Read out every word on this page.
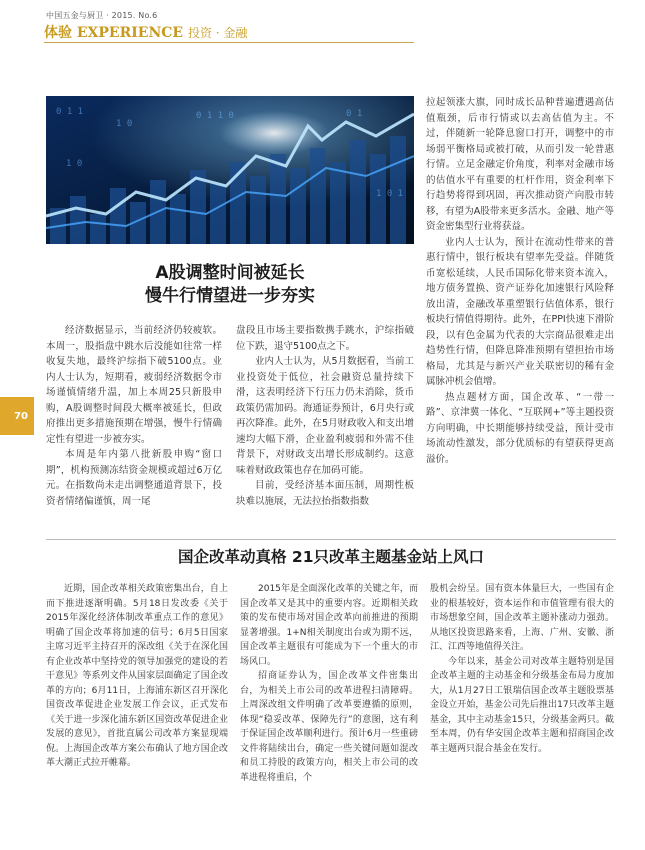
中国五金与厨卫 · 2015. No.6
体验 EXPERIENCE 投资 · 金融
0 1 1
1 0
0 1
1 0 1
1 0
0 1 1 0
70
A股调整时间被延长
慢牛行情望进一步夯实

拉起领涨大旗，同时成长品种普遍遭遇高估值瓶颈，后市行情或以去高估值为主。不过，伴随新一轮降息窗口打开，调整中的市场弱平衡格局或被打破，从而引发一轮普惠行情。立足金融定价角度，利率对金融市场的估值水平有重要的杠杆作用，资金利率下行趋势将得到巩固，再次推动资产向股市转移，有望为A股带来更多活水。金融、地产等资金密集型行业将获益。

业内人士认为，预计在流动性带来的普惠行情中，银行板块有望率先受益。伴随货币宽松延续，人民币国际化带来资本流入，地方债务置换、资产证券化加速银行风险释放出清，金融改革重塑银行估值体系，银行板块行情值得期待。此外，在PPI快速下滑阶段，以有色金属为代表的大宗商品很难走出趋势性行情，但降息降准预期有望担抬市场格局，尤其是与新兴产业关联密切的稀有金属脉冲机会值增。

热点题材方面，国企改革、“一带一路”、京津冀一体化、“互联网+”等主题投资方向明确，中长期能够持续受益，预计受市场流动性激发，部分优质标的有望获得更高溢价。

经济数据显示，当前经济仍较疲软。本周一，股指盘中跳水后没能如往常一样收复失地，最终沪综指下破5100点。业内人士认为，短期看，疲弱经济数据令市场谨慎情绪升温，加上本周25只新股申购，A股调整时间段大概率被延长，但政府推出更多措施预期在增强，慢牛行情确定性有望进一步被夯实。

本周是年内第八批新股申购“窗口期”，机构预测冻结资金规模或超过6万亿元。在指数尚未走出调整通道背景下，投资者情绪偏谨慎，周一尾

盘段且市场主要指数携手跳水，沪综指破位下跌，退守5100点之下。

业内人士认为，从5月数据看，当前工业投资处于低位，社会融资总量持续下滑，这表明经济下行压力仍未消除，货币政策仍需加码。海通证券预计，6月央行或再次降准。此外，在5月财政收入和支出增速均大幅下滑，企业盈利疲弱和外需不佳背景下，对财政支出增长形成制约。这意味着财政政策也存在加码可能。

目前，受经济基本面压制，周期性板块难以施展，无法拉抬指数指数

国企改革动真格 21只改革主题基金站上风口

近期，国企改革相关政策密集出台，自上而下推进逐渐明确。5月18日发改委《关于2015年深化经济体制改革重点工作的意见》明确了国企改革将加速的信号；6月5日国家主席习近平主持召开的深改组《关于在深化国有企业改革中坚持党的领导加强党的建设的若干意见》等系列文件从国家层面确定了国企改革的方向；6月11日，上海浦东新区召开深化国资改革促进企业发展工作会议，正式发布《关于进一步深化浦东新区国资改革促进企业发展的意见》，首批直属公司改革方案显现端倪。上海国企改革方案公布确认了地方国企改革大潮正式拉开帷幕。

2015年是全面深化改革的关键之年，而国企改革又是其中的重要内容。近期相关政策的发布使市场对国企改革向前推进的预期显著增强。1+N相关制度出台或为期不远，国企改革主题很有可能成为下一个重大的市场风口。

招商证券认为，国企改革文件密集出台，为相关上市公司的改革进程扫清障碍。上周深改组文件明确了改革要遵循的原则，体现“稳妥改革、保障先行”的意图，这有利于保证国企改革顺利进行。预计6月一些重磅文件将陆续出台，确定一些关键问题如混改和员工持股的政策方向，相关上市公司的改革进程将重启，个

股机会纷呈。国有资本体量巨大，一些国有企业的根基较好，资本运作和市值管理有很大的市场想象空间，国企改革主题补涨动力强劲。从地区投资思路来看，上海、广州、安徽、浙江、江西等地值得关注。

今年以来，基金公司对改革主题特别是国企改革主题的主动基金和分级基金布局力度加大，从1月27日工银瑞信国企改革主题股票基金设立开始，基金公司先后推出17只改革主题基金，其中主动基金15只，分级基金两只。截至本周，仍有华安国企改革主题和招商国企改革主题两只混合基金在发行。
